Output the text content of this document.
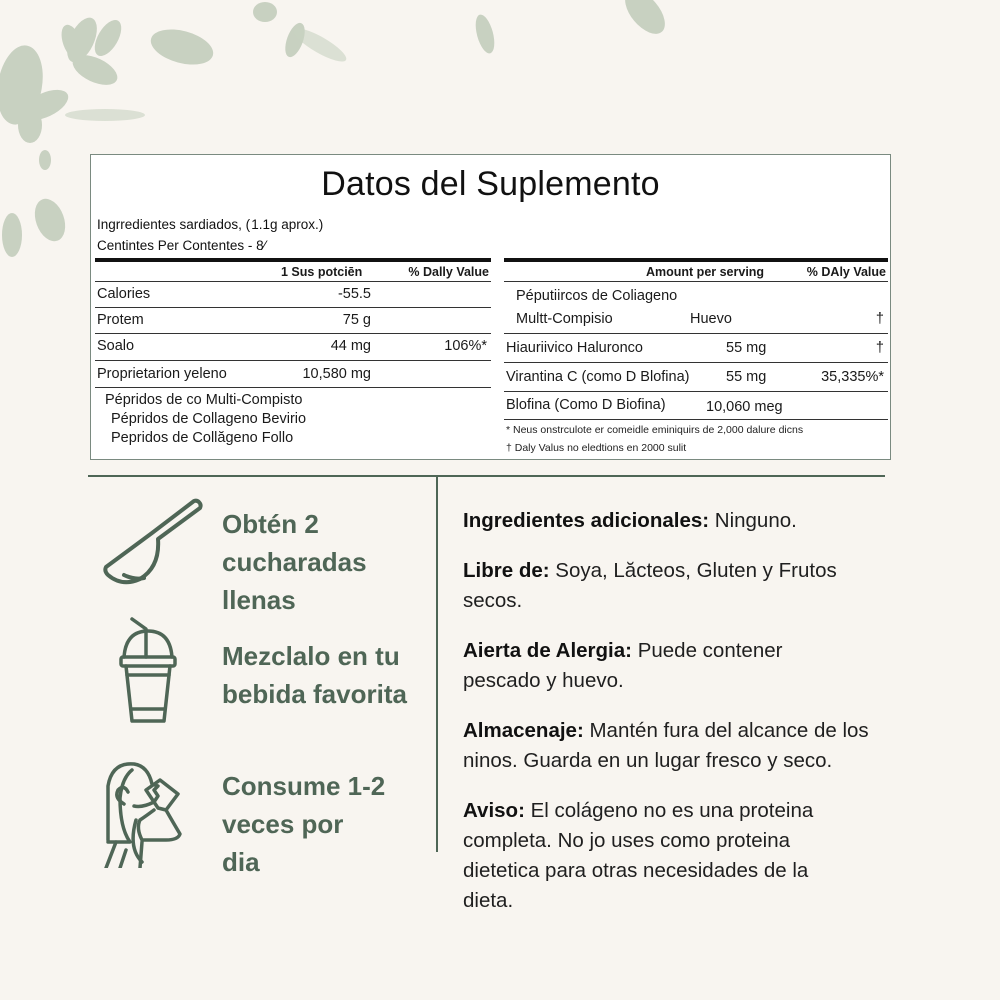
Datos del Suplemento
Ingrredientes sardiados, ( 1.1g aprox.)
Centintes Per Contentes - 8⁄
1 Sus potciēn	% Dally Value
Calories	-55.5
Protem	75 g
Soalo	44 mg	106%*
Proprietarion yeleno	10,580 mg
Pépridos de co Multi-Compisto
Pépridos de Collageno Bevirio
Pepridos de Collăgeno Follo
Amount per serving	% DAly Value
Péputiircos de Coliageno
Multt-Compisio	Huevo	†
Hiauriivico Haluronco	55 mg	†
Virantina C (como D Blofina)	55 mg	35,335%*
Blofina (Como D Biofina)	10,060 meg
* Neus onstrculote er comeidle eminiquirs de 2,000 dalure dicns
† Daly Valus no eledtions en 2000 sulit
Obtén 2
cucharadas
llenas
Mezclalo en tu
bebida favorita
Consume 1-2
veces por
dia

Ingredientes adicionales: Ninguno.

Libre de: Soya, Lăcteos, Gluten y Frutos secos.

Aierta de Alergia: Puede contener pescado y huevo.

Almacenaje: Mantén fura del alcance de los ninos. Guarda en un lugar fresco y seco.

Aviso: El colágeno no es una proteina completa. No jo uses como proteina dietetica para otras necesidades de la dieta.
